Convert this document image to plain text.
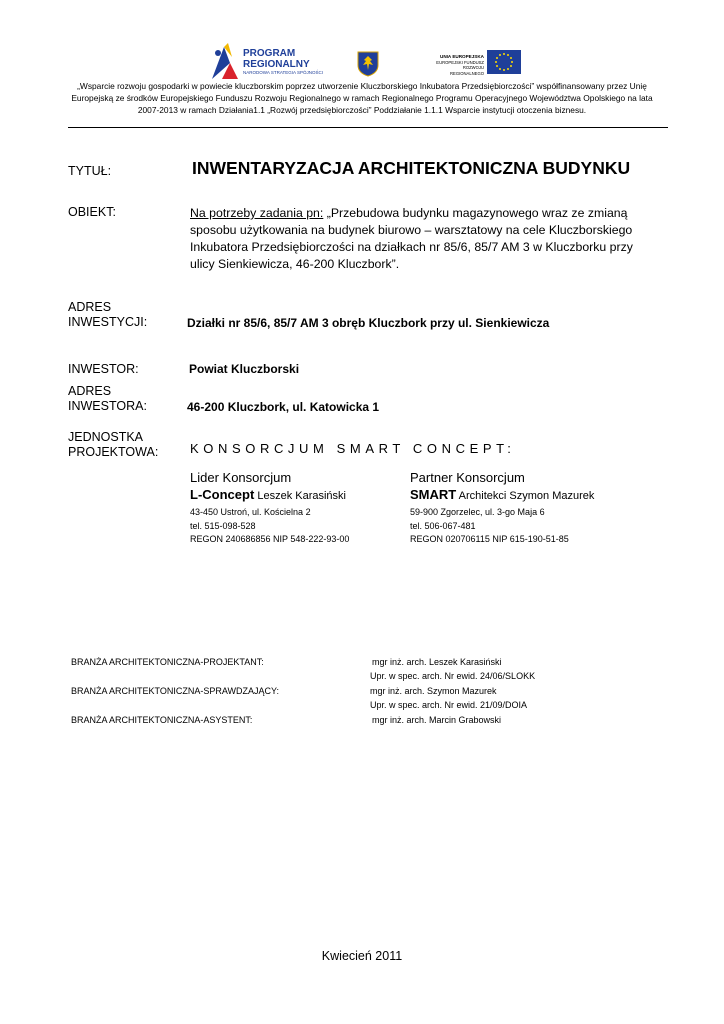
PROGRAM
REGIONALNY
NARODOWA STRATEGIA SPÓJNOŚCI
UNIA EUROPEJSKA
EUROPEJSKI FUNDUSZ
ROZWOJU REGIONALNEGO
„Wsparcie rozwoju gospodarki w powiecie kluczborskim poprzez utworzenie Kluczborskiego Inkubatora Przedsiębiorczości” współfinansowany przez Unię
Europejską ze środków Europejskiego Funduszu Rozwoju Regionalnego w ramach Regionalnego Programu Operacyjnego Województwa Opolskiego na lata
2007-2013 w ramach Działania1.1 „Rozwój przedsiębiorczości” Poddziałanie 1.1.1 Wsparcie instytucji otoczenia biznesu.
TYTUŁ:	INWENTARYZACJA ARCHITEKTONICZNA BUDYNKU
OBIEKT:	Na potrzeby zadania pn: „Przebudowa budynku magazynowego wraz ze zmianą
sposobu użytkowania na budynek biurowo – warsztatowy na cele Kluczborskiego
Inkubatora Przedsiębiorczości na działkach nr 85/6, 85/7 AM 3 w Kluczborku przy
ulicy Sienkiewicza, 46-200 Kluczbork”.
ADRES
INWESTYCJI:	Działki nr 85/6, 85/7 AM 3 obręb Kluczbork przy ul. Sienkiewicza
INWESTOR:	Powiat Kluczborski
ADRES
INWESTORA:	46-200 Kluczbork, ul. Katowicka 1
JEDNOSTKA
PROJEKTOWA: KONSORCJUM SMART CONCEPT:
Lider Konsorcjum
L-Concept Leszek Karasiński
43-450 Ustroń, ul. Kościelna 2
tel. 515-098-528
REGON 240686856 NIP 548-222-93-00
Partner Konsorcjum
SMART Architekci Szymon Mazurek
59-900 Zgorzelec, ul. 3-go Maja 6
tel. 506-067-481
REGON 020706115 NIP 615-190-51-85
BRANŻA ARCHITEKTONICZNA-PROJEKTANT:	mgr inż. arch. Leszek Karasiński
Upr. w spec. arch. Nr ewid. 24/06/SLOKK
BRANŻA ARCHITEKTONICZNA-SPRAWDZAJĄCY:	mgr inż. arch. Szymon Mazurek
Upr. w spec. arch. Nr ewid. 21/09/DOIA
BRANŻA ARCHITEKTONICZNA-ASYSTENT:	mgr inż. arch. Marcin Grabowski
Kwiecień 2011
